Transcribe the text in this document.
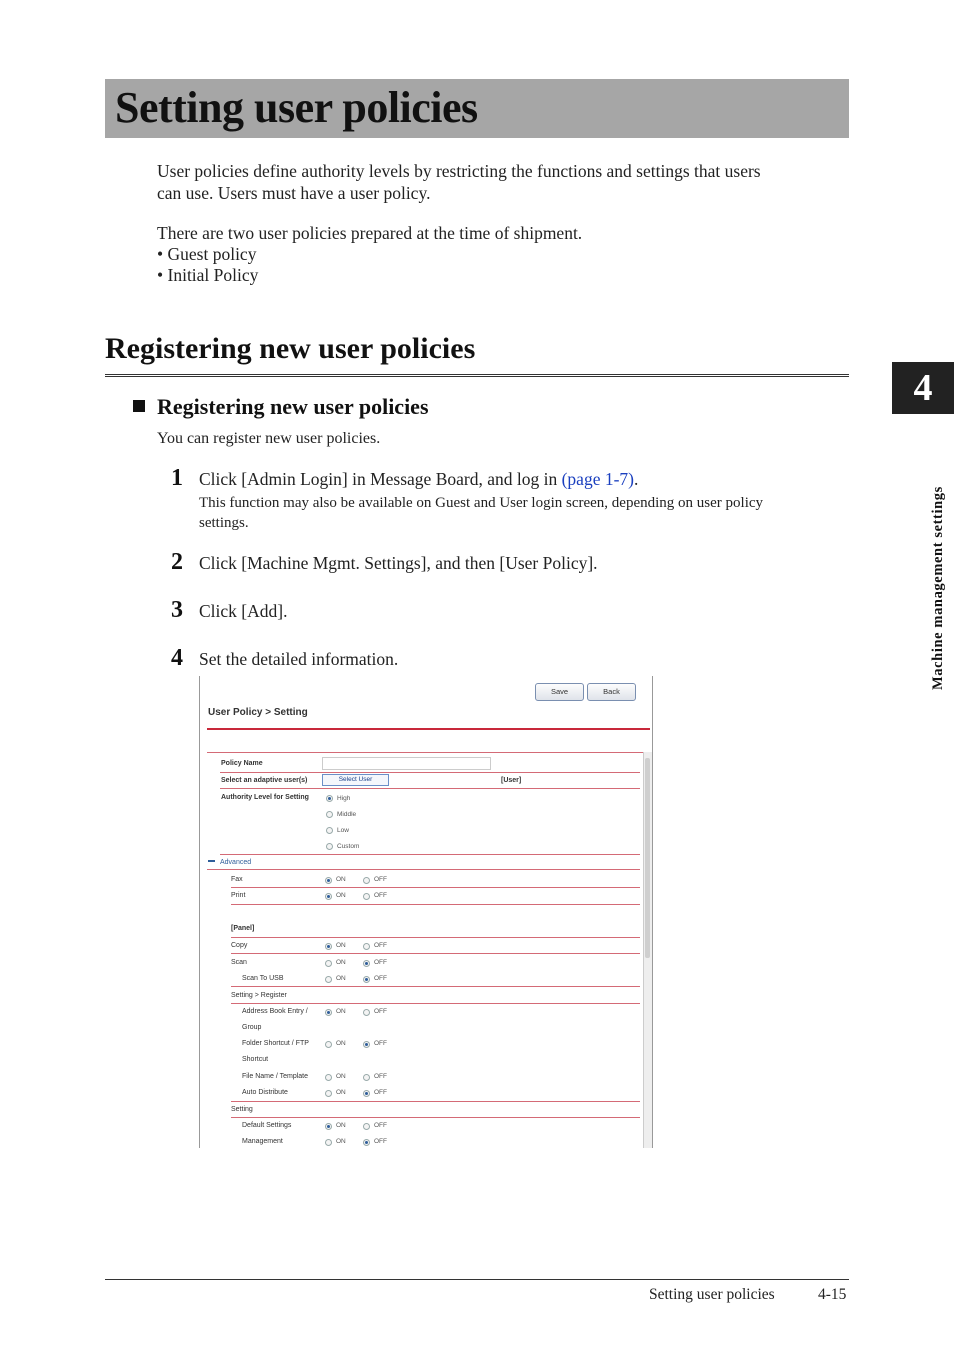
Setting user policies
User policies define authority levels by restricting the functions and settings that users
can use. Users must have a user policy.
There are two user policies prepared at the time of shipment.
• Guest policy
• Initial Policy
Registering new user policies
Registering new user policies
You can register new user policies.
1 Click [Admin Login] in Message Board, and log in (page 1-7).
This function may also be available on Guest and User login screen, depending on user policy
settings.
2 Click [Machine Mgmt. Settings], and then [User Policy].
3 Click [Add].
4 Set the detailed information.
Save	Back
User Policy > Setting
Policy Name
Select an adaptive user(s)	Select User	[User]
Authority Level for Setting	High
Middle
Low
Custom
Advanced
Fax	ON	OFF
Print	ON	OFF
[Panel]
Copy	ON	OFF
Scan	ON	OFF
Scan To USB	ON	OFF
Setting > Register
Address Book Entry /	ON	OFF
Group
Folder Shortcut / FTP	ON	OFF
Shortcut
File Name / Template	ON	OFF
Auto Distribute	ON	OFF
Setting
Default Settings	ON	OFF
Management	ON	OFF
4
Machine management settings
Setting user policies	4-15
